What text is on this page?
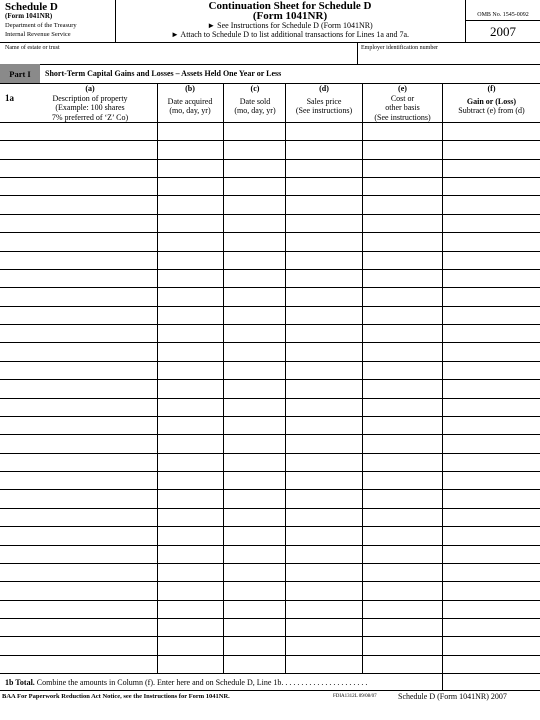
Schedule D
(Form 1041NR)
Department of the Treasury
Internal Revenue Service
Continuation Sheet for Schedule D
(Form 1041NR)
► See Instructions for Schedule D (Form 1041NR)
► Attach to Schedule D to list additional transactions for Lines 1a and 7a.
OMB No. 1545-0092
2007
Name of estate or trust	Employer identification number
Part I	Short-Term Capital Gains and Losses – Assets Held One Year or Less
1a
(a)
Description of property
(Example: 100 shares
7% preferred of ‘Z’ Co)
(b)
Date acquired
(mo, day, yr)
(c)
Date sold
(mo, day, yr)
(d)
Sales price
(See instructions)
(e)
Cost or
other basis
(See instructions)
(f)
Gain or (Loss)
Subtract (e) from (d)
1b Total. Combine the amounts in Column (f). Enter here and on Schedule D, Line 1b. . . . . . . . . . . . . . . . . . . . . .
BAA For Paperwork Reduction Act Notice, see the Instructions for Form 1041NR.	FDIA1312L 09/08/07	Schedule D (Form 1041NR) 2007
